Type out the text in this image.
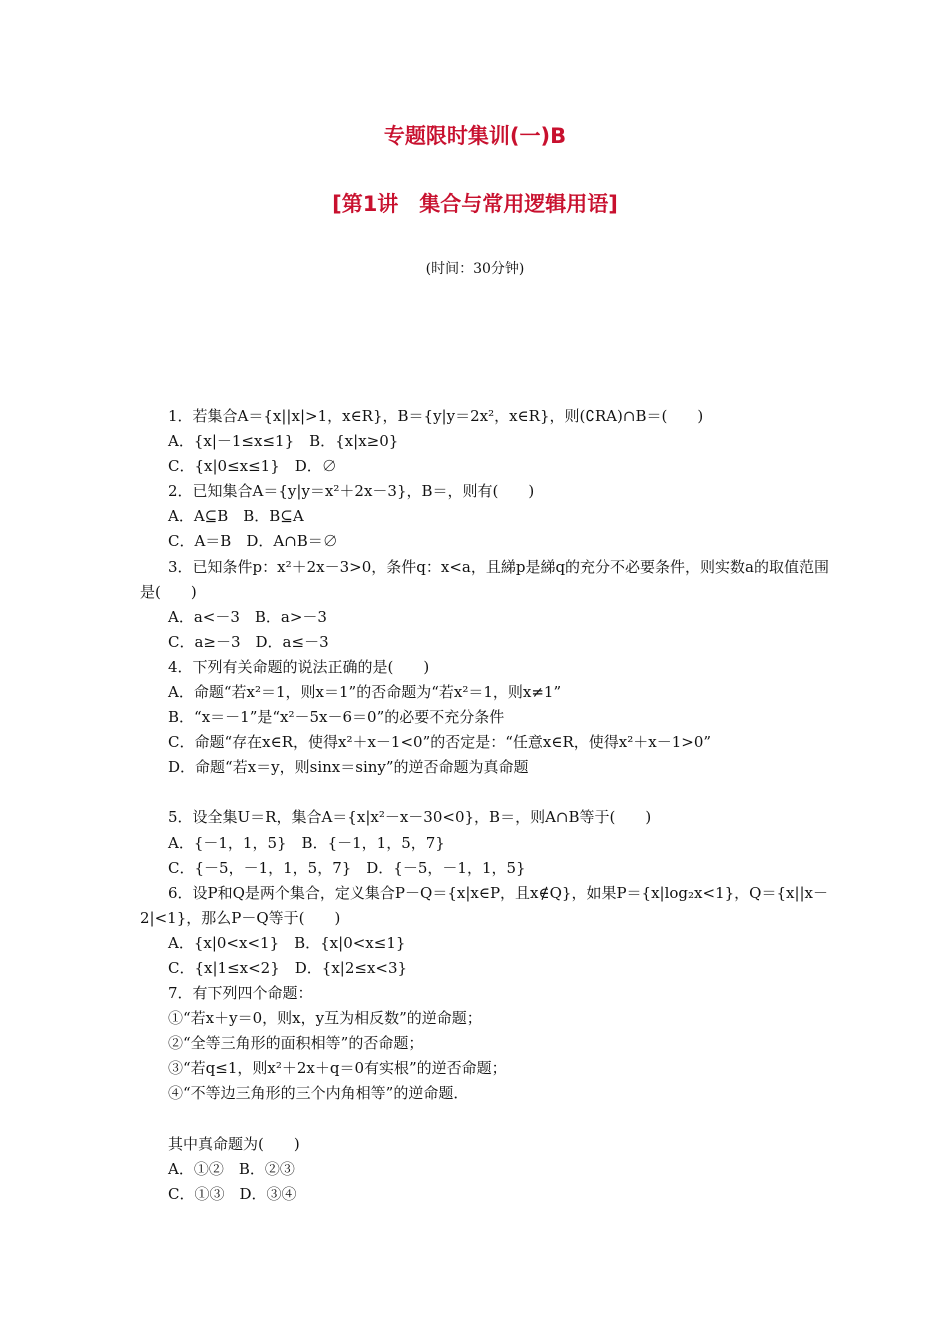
专题限时集训(一)B
[第1讲　集合与常用逻辑用语]
(时间：30分钟)
1．若集合A＝{x||x|>1，x∈R}，B＝{y|y＝2x²，x∈R}，则(∁RA)∩B＝(　　)
A．{x|－1≤x≤1}　B．{x|x≥0}
C．{x|0≤x≤1}　D．∅
2．已知集合A＝{y|y＝x²＋2x－3}，B＝，则有(　　)
A．A⊆B　B．B⊆A
C．A＝B　D．A∩B＝∅
3．已知条件p：x²＋2x－3>0，条件q：x<a，且綈p是綈q的充分不必要条件，则实数a的取值范围是(　　)
A．a<－3　B．a>－3
C．a≥－3　D．a≤－3
4．下列有关命题的说法正确的是(　　)
A．命题“若x²＝1，则x＝1”的否命题为“若x²＝1，则x≠1”
B．“x＝－1”是“x²－5x－6＝0”的必要不充分条件
C．命题“存在x∈R，使得x²＋x－1<0”的否定是：“任意x∈R，使得x²＋x－1>0”
D．命题“若x＝y，则sinx＝siny”的逆否命题为真命题
5．设全集U＝R，集合A＝{x|x²－x－30<0}，B＝，则A∩B等于(　　)
A．{－1，1，5}　B．{－1，1，5，7}
C．{－5，－1，1，5，7}　D．{－5，－1，1，5}
6．设P和Q是两个集合，定义集合P－Q＝{x|x∈P，且x∉Q}，如果P＝{x|log₂x<1}，Q＝{x||x－2|<1}，那么P－Q等于(　　)
A．{x|0<x<1}　B．{x|0<x≤1}
C．{x|1≤x<2}　D．{x|2≤x<3}
7．有下列四个命题：
①“若x＋y＝0，则x，y互为相反数”的逆命题；
②“全等三角形的面积相等”的否命题；
③“若q≤1，则x²＋2x＋q＝0有实根”的逆否命题；
④“不等边三角形的三个内角相等”的逆命题．
其中真命题为(　　)
A．①②　B．②③
C．①③　D．③④
